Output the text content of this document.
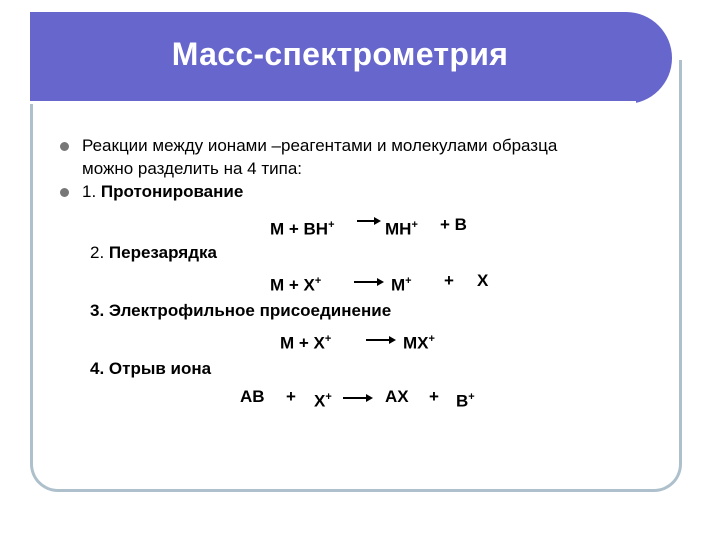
Масс-спектрометрия
Реакции между ионами –реагентами и молекулами образца
можно разделить на 4 типа:
1. Протонирование
M + BH+	MH+ + B
2. Перезарядка
M + X+	M+ + X
3. Электрофильное присоединение
M + X+	MX+
4. Отрыв иона
AB + X+	AX + B+
